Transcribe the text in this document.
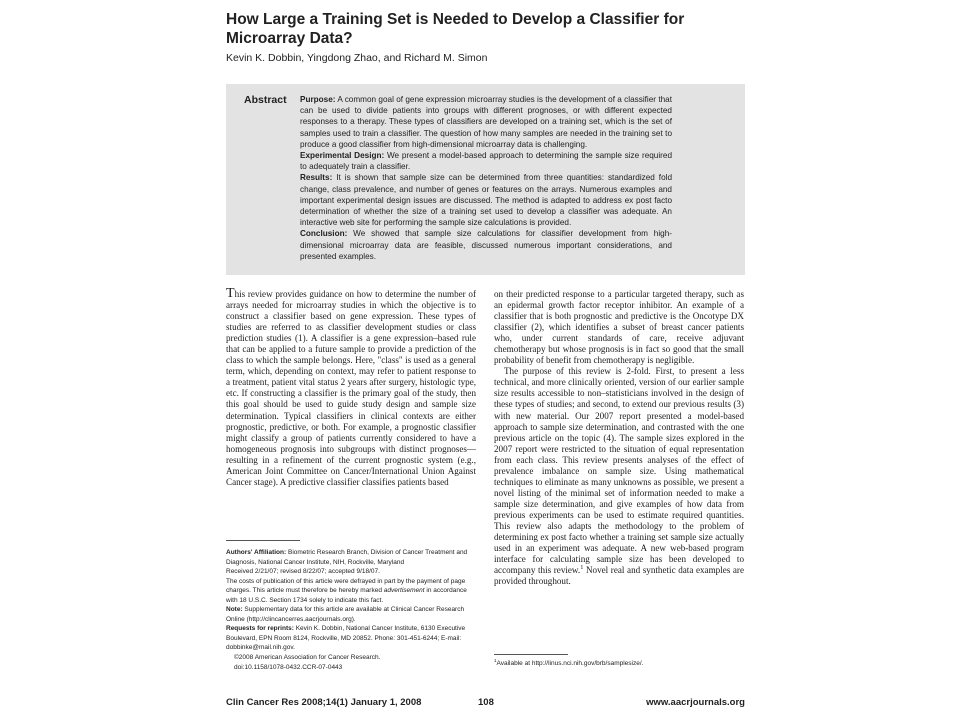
How Large a Training Set is Needed to Develop a Classifier for Microarray Data?
Kevin K. Dobbin, Yingdong Zhao, and Richard M. Simon
Abstract Purpose: A common goal of gene expression microarray studies is the development of a classifier that can be used to divide patients into groups with different prognoses, or with different expected responses to a therapy. These types of classifiers are developed on a training set, which is the set of samples used to train a classifier. The question of how many samples are needed in the training set to produce a good classifier from high-dimensional microarray data is challenging.

Experimental Design: We present a model-based approach to determining the sample size required to adequately train a classifier.

Results: It is shown that sample size can be determined from three quantities: standardized fold change, class prevalence, and number of genes or features on the arrays. Numerous examples and important experimental design issues are discussed. The method is adapted to address ex post facto determination of whether the size of a training set used to develop a classifier was adequate. An interactive web site for performing the sample size calculations is provided.

Conclusion: We showed that sample size calculations for classifier development from high-dimensional microarray data are feasible, discussed numerous important considerations, and presented examples.

This review provides guidance on how to determine the number of arrays needed for microarray studies in which the objective is to construct a classifier based on gene expression. These types of studies are referred to as classifier development studies or class prediction studies (1). A classifier is a gene expression–based rule that can be applied to a future sample to provide a prediction of the class to which the sample belongs. Here, "class" is used as a general term, which, depending on context, may refer to patient response to a treatment, patient vital status 2 years after surgery, histologic type, etc. If constructing a classifier is the primary goal of the study, then this goal should be used to guide study design and sample size determination. Typical classifiers in clinical contexts are either prognostic, predictive, or both. For example, a prognostic classifier might classify a group of patients currently considered to have a homogeneous prognosis into subgroups with distinct prognoses—resulting in a refinement of the current prognostic system (e.g., American Joint Committee on Cancer/International Union Against Cancer stage). A predictive classifier classifies patients based

on their predicted response to a particular targeted therapy, such as an epidermal growth factor receptor inhibitor. An example of a classifier that is both prognostic and predictive is the Oncotype DX classifier (2), which identifies a subset of breast cancer patients who, under current standards of care, receive adjuvant chemotherapy but whose prognosis is in fact so good that the small probability of benefit from chemotherapy is negligible.

The purpose of this review is 2-fold. First, to present a less technical, and more clinically oriented, version of our earlier sample size results accessible to non–statisticians involved in the design of these types of studies; and second, to extend our previous results (3) with new material. Our 2007 report presented a model-based approach to sample size determination, and contrasted with the one previous article on the topic (4). The sample sizes explored in the 2007 report were restricted to the situation of equal representation from each class. This review presents analyses of the effect of prevalence imbalance on sample size. Using mathematical techniques to eliminate as many unknowns as possible, we present a novel listing of the minimal set of information needed to make a sample size determination, and give examples of how data from previous experiments can be used to estimate required quantities. This review also adapts the methodology to the problem of determining ex post facto whether a training set sample size actually used in an experiment was adequate. A new web-based program interface for calculating sample size has been developed to accompany this review.$^1$ Novel real and synthetic data examples are provided throughout.

Authors' Affiliation: Biometric Research Branch, Division of Cancer Treatment and Diagnosis, National Cancer Institute, NIH, Rockville, Maryland

Received 2/21/07; revised 8/22/07; accepted 9/18/07.

The costs of publication of this article were defrayed in part by the payment of page charges. This article must therefore be hereby marked advertisement in accordance with 18 U.S.C. Section 1734 solely to indicate this fact.

Note: Supplementary data for this article are available at Clinical Cancer Research Online (http://clincancerres.aacrjournals.org).

Requests for reprints: Kevin K. Dobbin, National Cancer Institute, 6130 Executive Boulevard, EPN Room 8124, Rockville, MD 20852. Phone: 301-451-6244; E-mail: dobbinke@mail.nih.gov.

©2008 American Association for Cancer Research.

doi:10.1158/1078-0432.CCR-07-0443

$^1$Available at http://linus.nci.nih.gov/brb/samplesize/.
Clin Cancer Res 2008;14(1) January 1, 2008	108	www.aacrjournals.org
